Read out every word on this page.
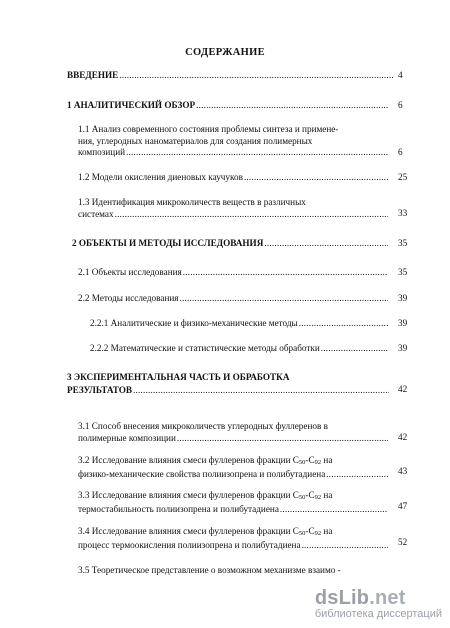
СОДЕРЖАНИЕ
ВВЕДЕНИЕ .....	4
1 АНАЛИТИЧЕСКИЙ ОБЗОР .....	6
1.1 Анализ современного состояния проблемы синтеза и примене-
ния, углеродных наноматериалов для создания полимерных
композиций .....	6
1.2 Модели окисления диеновых каучуков .....	25
1.3 Идентификация микроколичеств веществ в различных
системах .....	33
2 ОБЪЕКТЫ И МЕТОДЫ ИССЛЕДОВАНИЯ .....	35
2.1 Объекты исследования .....	35
2.2 Методы исследования .....	39
2.2.1 Аналитические и физико-механические методы .....	39
2.2.2 Математические и статистические методы обработки .....	39
3 ЭКСПЕРИМЕНТАЛЬНАЯ ЧАСТЬ И ОБРАБОТКА
РЕЗУЛЬТАТОВ .....	42
3.1 Способ внесения микроколичеств углеродных фуллеренов в
полимерные композиции .....	42
3.2 Исследование влияния смеси фуллеренов фракции C50-C92 на
физико-механические свойства полиизопрена и полибутадиена .....	43
3.3 Исследование влияния смеси фуллеренов фракции C50-C92 на
термостабильность полиизопрена и полибутадиена .....	47
3.4 Исследование влияния смеси фуллеренов фракции C50-C92 на
процесс термоокисления полиизопрена и полибутадиена .....	52
3.5 Теоретическое представление о возможном механизме взаимо -
dsLib.net
библиотека диссертаций
